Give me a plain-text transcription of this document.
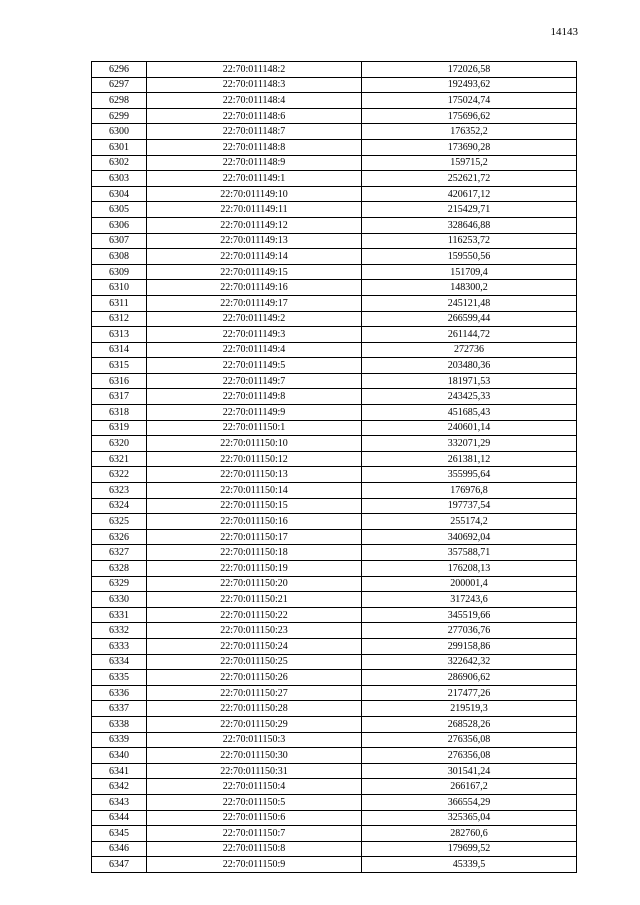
14143
6296	22:70:011148:2	172026,58
6297	22:70:011148:3	192493,62
6298	22:70:011148:4	175024,74
6299	22:70:011148:6	175696,62
6300	22:70:011148:7	176352,2
6301	22:70:011148:8	173690,28
6302	22:70:011148:9	159715,2
6303	22:70:011149:1	252621,72
6304	22:70:011149:10	420617,12
6305	22:70:011149:11	215429,71
6306	22:70:011149:12	328646,88
6307	22:70:011149:13	116253,72
6308	22:70:011149:14	159550,56
6309	22:70:011149:15	151709,4
6310	22:70:011149:16	148300,2
6311	22:70:011149:17	245121,48
6312	22:70:011149:2	266599,44
6313	22:70:011149:3	261144,72
6314	22:70:011149:4	272736
6315	22:70:011149:5	203480,36
6316	22:70:011149:7	181971,53
6317	22:70:011149:8	243425,33
6318	22:70:011149:9	451685,43
6319	22:70:011150:1	240601,14
6320	22:70:011150:10	332071,29
6321	22:70:011150:12	261381,12
6322	22:70:011150:13	355995,64
6323	22:70:011150:14	176976,8
6324	22:70:011150:15	197737,54
6325	22:70:011150:16	255174,2
6326	22:70:011150:17	340692,04
6327	22:70:011150:18	357588,71
6328	22:70:011150:19	176208,13
6329	22:70:011150:20	200001,4
6330	22:70:011150:21	317243,6
6331	22:70:011150:22	345519,66
6332	22:70:011150:23	277036,76
6333	22:70:011150:24	299158,86
6334	22:70:011150:25	322642,32
6335	22:70:011150:26	286906,62
6336	22:70:011150:27	217477,26
6337	22:70:011150:28	219519,3
6338	22:70:011150:29	268528,26
6339	22:70:011150:3	276356,08
6340	22:70:011150:30	276356,08
6341	22:70:011150:31	301541,24
6342	22:70:011150:4	266167,2
6343	22:70:011150:5	366554,29
6344	22:70:011150:6	325365,04
6345	22:70:011150:7	282760,6
6346	22:70:011150:8	179699,52
6347	22:70:011150:9	45339,5
